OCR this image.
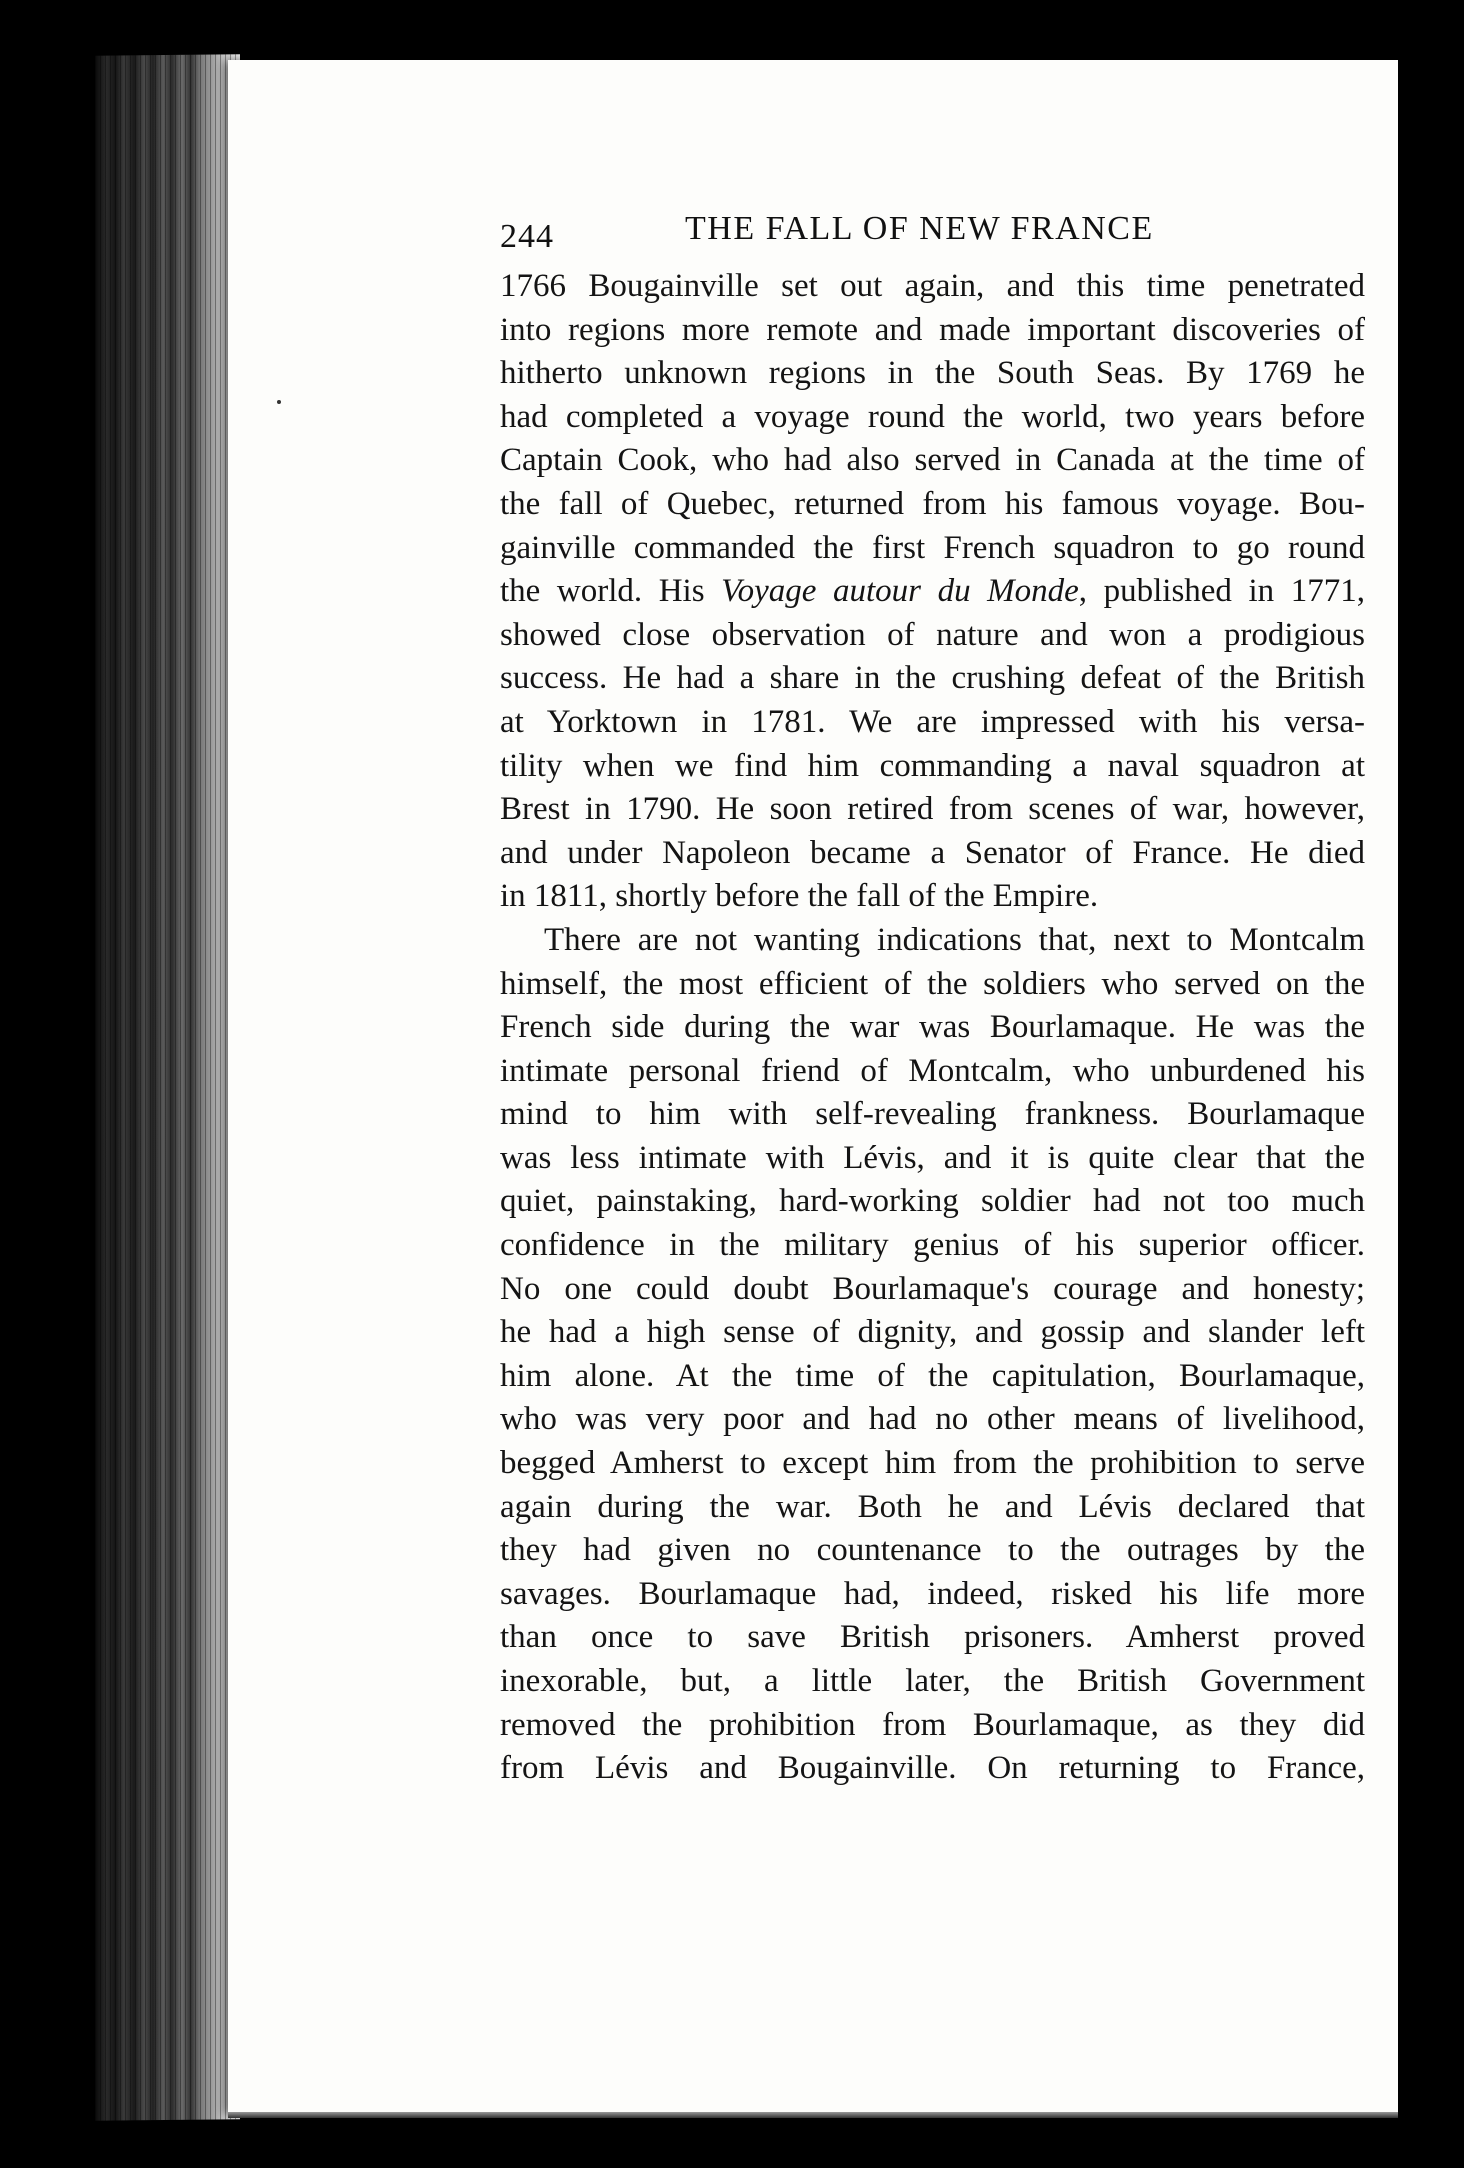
244	THE FALL OF NEW FRANCE
1766 Bougainville set out again, and this time penetrated
into regions more remote and made important discoveries of
hitherto unknown regions in the South Seas. By 1769 he
had completed a voyage round the world, two years before
Captain Cook, who had also served in Canada at the time of
the fall of Quebec, returned from his famous voyage. Bou-
gainville commanded the first French squadron to go round
the world. His Voyage autour du Monde, published in 1771,
showed close observation of nature and won a prodigious
success. He had a share in the crushing defeat of the British
at Yorktown in 1781. We are impressed with his versa-
tility when we find him commanding a naval squadron at
Brest in 1790. He soon retired from scenes of war, however,
and under Napoleon became a Senator of France. He died
in 1811, shortly before the fall of the Empire.
There are not wanting indications that, next to Montcalm
himself, the most efficient of the soldiers who served on the
French side during the war was Bourlamaque. He was the
intimate personal friend of Montcalm, who unburdened his
mind to him with self-revealing frankness. Bourlamaque
was less intimate with Lévis, and it is quite clear that the
quiet, painstaking, hard-working soldier had not too much
confidence in the military genius of his superior officer.
No one could doubt Bourlamaque's courage and honesty;
he had a high sense of dignity, and gossip and slander left
him alone. At the time of the capitulation, Bourlamaque,
who was very poor and had no other means of livelihood,
begged Amherst to except him from the prohibition to serve
again during the war. Both he and Lévis declared that
they had given no countenance to the outrages by the
savages. Bourlamaque had, indeed, risked his life more
than once to save British prisoners. Amherst proved
inexorable, but, a little later, the British Government
removed the prohibition from Bourlamaque, as they did
from Lévis and Bougainville. On returning to France,
